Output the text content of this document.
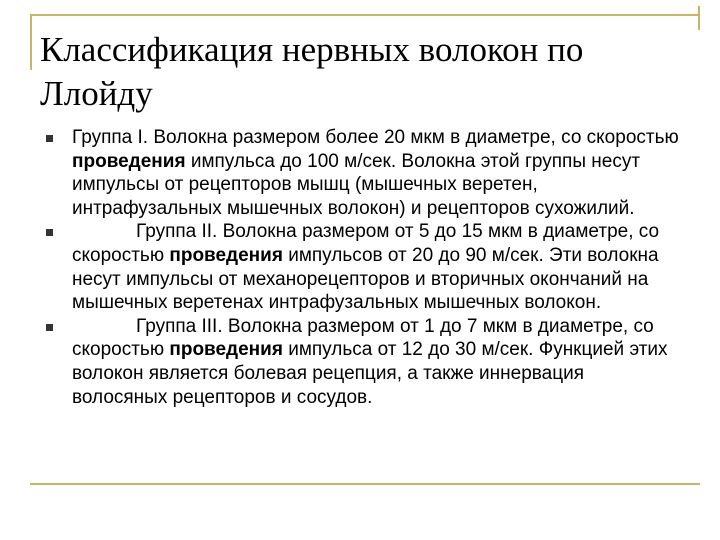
Классификация нервных волокон по
Ллойду
Группа I. Волокна размером более 20 мкм в диаметре, со скоростью проведения импульса до 100 м/сек. Волокна этой группы несут импульсы от рецепторов мышц (мышечных веретен, интрафузальных мышечных волокон) и рецепторов сухожилий.
Группа II. Волокна размером от 5 до 15 мкм в диаметре, со скоростью проведения импульсов от 20 до 90 м/сек. Эти волокна несут импульсы от механорецепторов и вторичных окончаний на мышечных веретенах интрафузальных мышечных волокон.
Группа III. Волокна размером от 1 до 7 мкм в диаметре, со скоростью проведения импульса от 12 до 30 м/сек. Функцией этих волокон является болевая рецепция, а также иннервация волосяных рецепторов и сосудов.
